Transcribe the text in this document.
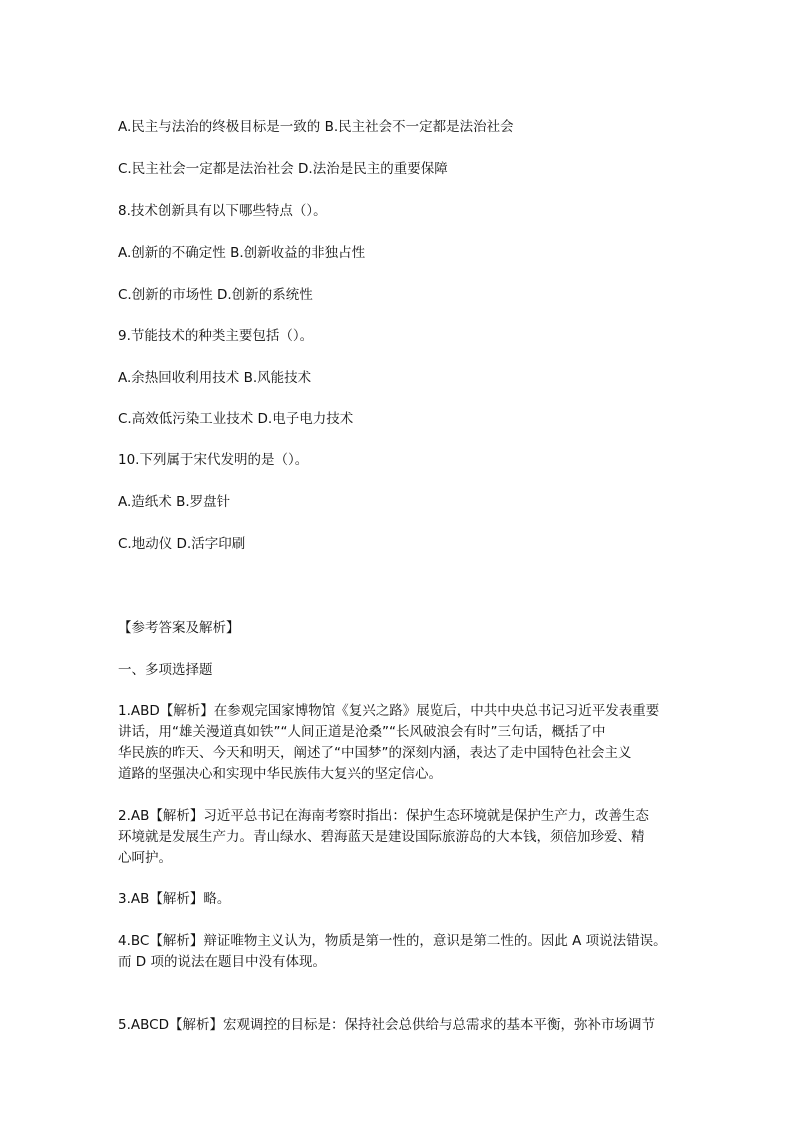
A.民主与法治的终极目标是一致的 B.民主社会不一定都是法治社会
C.民主社会一定都是法治社会 D.法治是民主的重要保障
8.技术创新具有以下哪些特点（）。
A.创新的不确定性 B.创新收益的非独占性
C.创新的市场性 D.创新的系统性
9.节能技术的种类主要包括（）。
A.余热回收利用技术 B.风能技术
C.高效低污染工业技术 D.电子电力技术
10.下列属于宋代发明的是（）。
A.造纸术 B.罗盘针
C.地动仪 D.活字印刷
【参考答案及解析】
一、多项选择题
1.ABD【解析】在参观完国家博物馆《复兴之路》展览后，中共中央总书记习近平发表重要
讲话，用“雄关漫道真如铁”“人间正道是沧桑”“长风破浪会有时”三句话，概括了中
华民族的昨天、今天和明天，阐述了“中国梦”的深刻内涵，表达了走中国特色社会主义
道路的坚强决心和实现中华民族伟大复兴的坚定信心。
2.AB【解析】习近平总书记在海南考察时指出：保护生态环境就是保护生产力，改善生态
环境就是发展生产力。青山绿水、碧海蓝天是建设国际旅游岛的大本钱，须倍加珍爱、精
心呵护。
3.AB【解析】略。
4.BC【解析】辩证唯物主义认为，物质是第一性的，意识是第二性的。因此 A 项说法错误。
而 D 项的说法在题目中没有体现。
5.ABCD【解析】宏观调控的目标是：保持社会总供给与总需求的基本平衡，弥补市场调节
